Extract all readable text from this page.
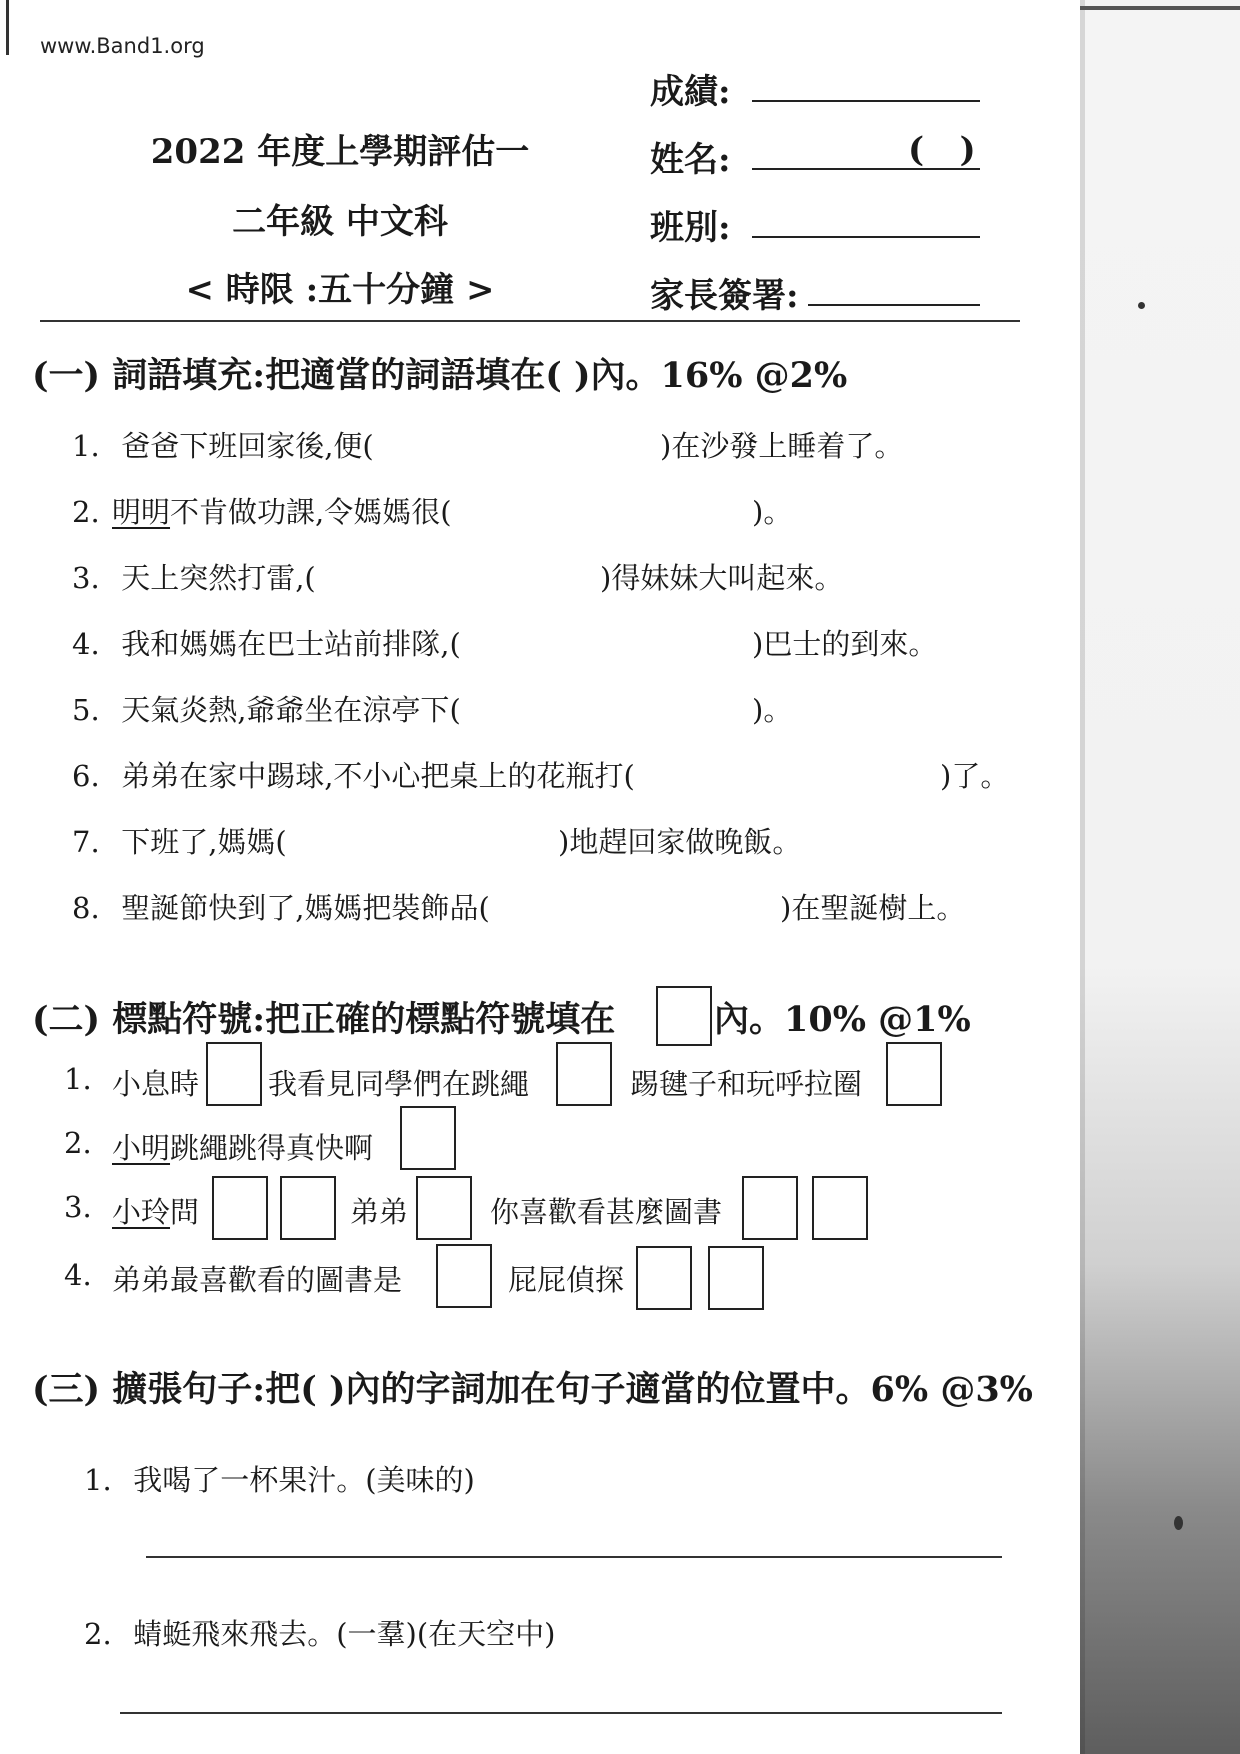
www.Band1.org
2022 年度上學期評估一
二年級 中文科
< 時限 :五十分鐘 >
成績:
姓名:	(   )
班別:
家長簽署:
(一) 詞語填充:把適當的詞語填在( )內。16% @2%
1. 爸爸下班回家後,便(	)在沙發上睡着了。
2. 明明不肯做功課,令媽媽很(	)。
3. 天上突然打雷,(	)得妹妹大叫起來。
4. 我和媽媽在巴士站前排隊,(	)巴士的到來。
5. 天氣炎熱,爺爺坐在涼亭下(	)。
6. 弟弟在家中踢球,不小心把桌上的花瓶打(	)了。
7. 下班了,媽媽(	)地趕回家做晚飯。
8. 聖誕節快到了,媽媽把裝飾品(	)在聖誕樹上。
(二) 標點符號:把正確的標點符號填在	內。10% @1%
1. 小息時 我看見同學們在跳繩	踢毽子和玩呼拉圈
2. 小明跳繩跳得真快啊
3. 小玲問	弟弟	你喜歡看甚麼圖書
4. 弟弟最喜歡看的圖書是	屁屁偵探
(三) 擴張句子:把( )內的字詞加在句子適當的位置中。6% @3%
1. 我喝了一杯果汁。(美味的)
2. 蜻蜓飛來飛去。(一羣)(在天空中)
